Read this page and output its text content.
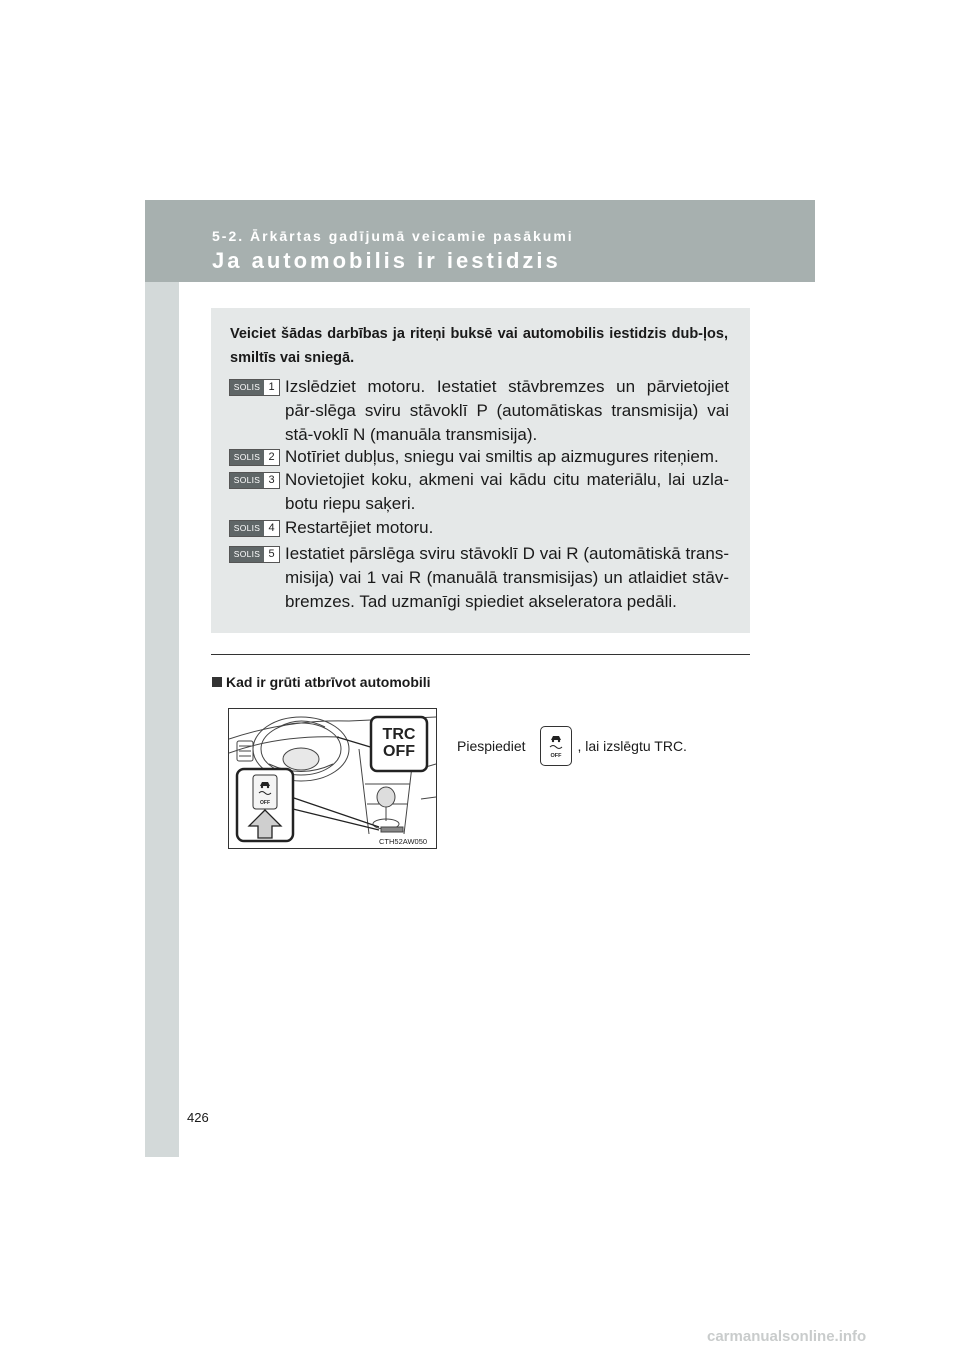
5-2. Ārkārtas gadījumā veicamie pasākumi
Ja automobilis ir iestidzis
Veiciet šādas darbības ja riteņi buksē vai automobilis iestidzis dub-ļos, smiltīs vai sniegā.
SOLIS 1 Izslēdziet motoru. Iestatiet stāvbremzes un pārvietojiet pār-slēga sviru stāvoklī P (automātiskas transmisija) vai stā-voklī N (manuāla transmisija).
SOLIS 2 Notīriet dubļus, sniegu vai smiltis ap aizmugures riteņiem.
SOLIS 3 Novietojiet koku, akmeni vai kādu citu materiālu, lai uzla-botu riepu saķeri.
SOLIS 4 Restartējiet motoru.
SOLIS 5 Iestatiet pārslēga sviru stāvoklī D vai R (automātiskā trans-misija) vai 1 vai R (manuālā transmisijas) un atlaidiet stāv-bremzes. Tad uzmanīgi spiediet akseleratora pedāli.
Kad ir grūti atbrīvot automobili
OFF
TRC
OFF
CTH52AW050
Piespiediet
OFF
, lai izslēgtu TRC.
426
carmanualsonline.info
